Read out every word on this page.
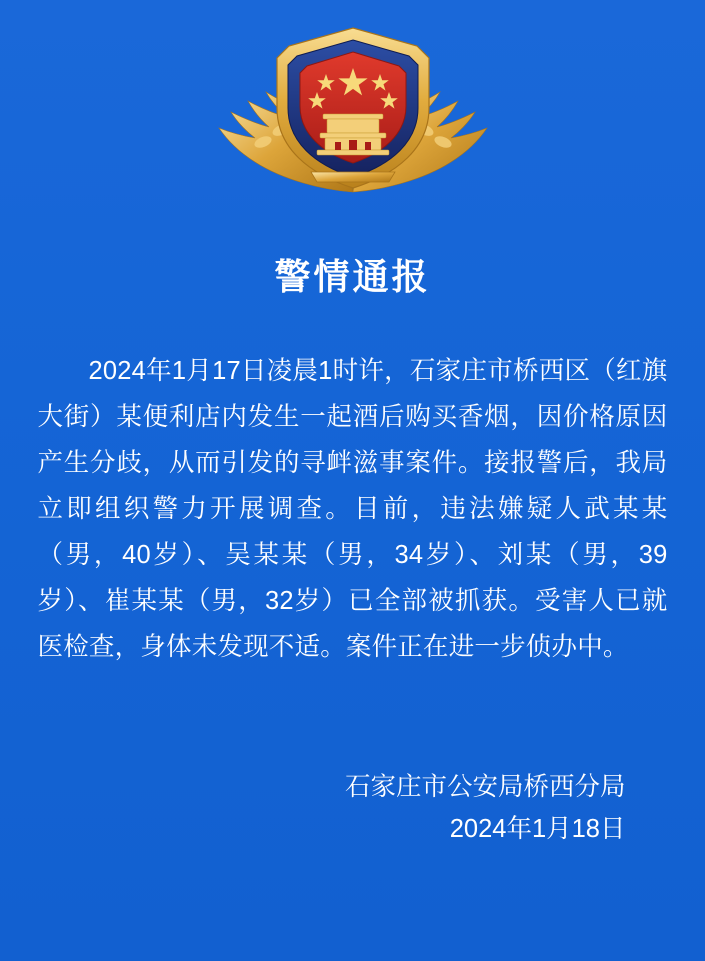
警情通报
2024年1月17日凌晨1时许，石家庄市桥西区（红旗大街）某便利店内发生一起酒后购买香烟，因价格原因产生分歧，从而引发的寻衅滋事案件。接报警后，我局立即组织警力开展调查。目前，违法嫌疑人武某某（男，40岁）、吴某某（男，34岁）、刘某（男，39岁）、崔某某（男，32岁）已全部被抓获。受害人已就医检查，身体未发现不适。案件正在进一步侦办中。
石家庄市公安局桥西分局
2024年1月18日
